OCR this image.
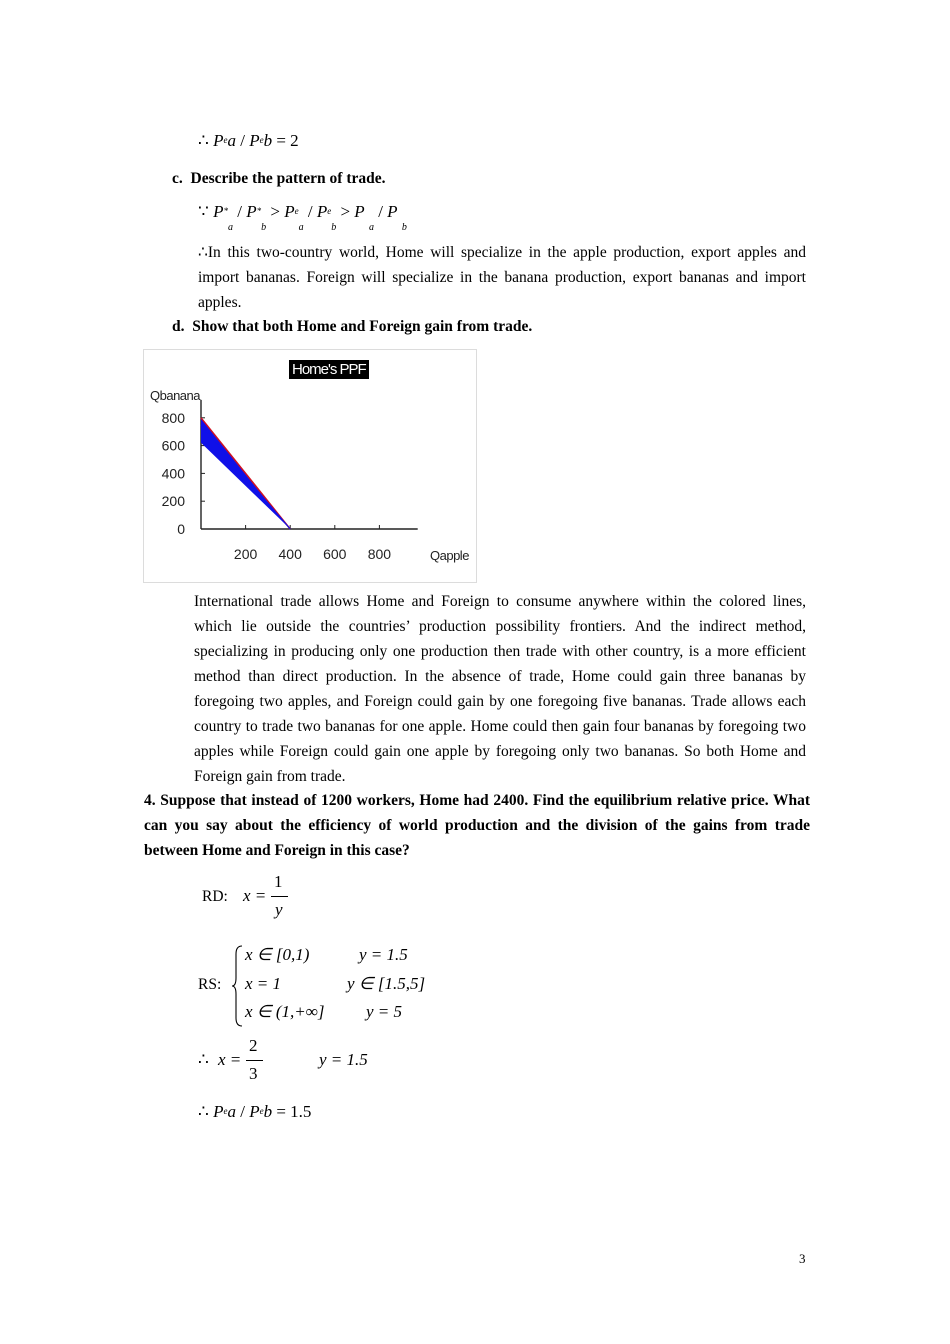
∴ Pea / Peb = 2
c. Describe the pattern of trade.
∵ $P*_a / P*_b > Pe_a / Pe_b > P$ $_a$ / P $_b$
∴In this two-country world, Home will specialize in the apple production, export apples and import bananas. Foreign will specialize in the banana production, export bananas and import apples.
d. Show that both Home and Foreign gain from trade.
Home's PPF
Qbanana
Qapple
800
600
400
200
0
200 400 600 800
International trade allows Home and Foreign to consume anywhere within the colored lines, which lie outside the countries’ production possibility frontiers. And the indirect method, specializing in producing only one production then trade with other country, is a more efficient method than direct production. In the absence of trade, Home could gain three bananas by foregoing two apples, and Foreign could gain by one foregoing five bananas. Trade allows each country to trade two bananas for one apple. Home could then gain four bananas by foregoing two apples while Foreign could gain one apple by foregoing only two bananas. So both Home and Foreign gain from trade.
4. Suppose that instead of 1200 workers, Home had 2400. Find the equilibrium relative price. What can you say about the efficiency of world production and the division of the gains from trade between Home and Foreign in this case?
RD: x =
1
y
RS:
x ∈ [0,1)	y = 1.5
x = 1	y ∈ [1.5,5]
x ∈ (1,+∞] y = 5
∴ x =
2
3
y = 1.5
∴ Pea / Peb = 1.5
3
